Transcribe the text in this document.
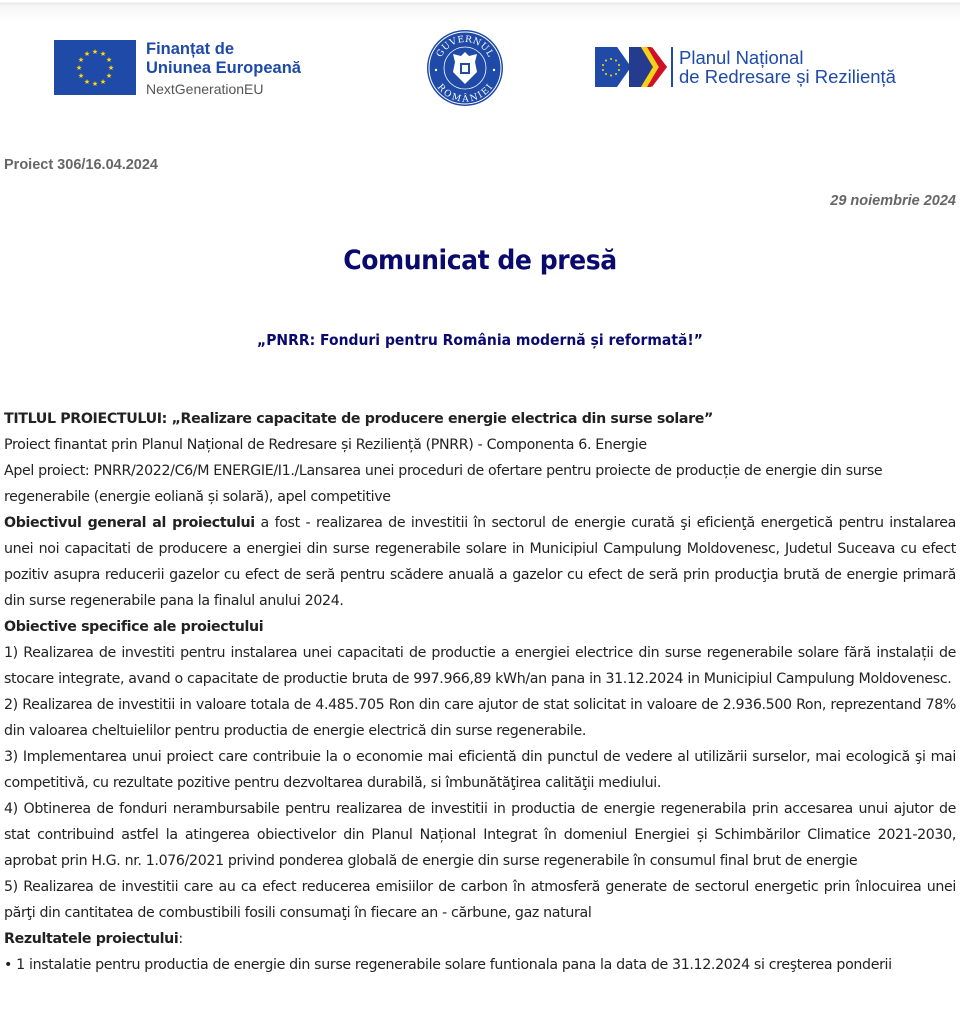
★ ★
★
★
★
★
★
★
★
★
★
★	Finanțat de
Uniunea Europeană
NextGenerationEU
GUVERNUL
ROMÂNIEI
Planul Național
de Redresare și Reziliență
Proiect 306/16.04.2024
29 noiembrie 2024
Comunicat de presă
„PNRR: Fonduri pentru România modernă și reformată!”

TITLUL PROIECTULUI: „Realizare capacitate de producere energie electrica din surse solare”

Proiect finantat prin Planul Național de Redresare și Reziliență (PNRR) - Componenta 6. Energie

Apel proiect: PNRR/2022/C6/M ENERGIE/I1./Lansarea unei proceduri de ofertare pentru proiecte de producție de energie din surse regenerabile (energie eoliană și solară), apel competitive

Obiectivul general al proiectului a fost - realizarea de investitii în sectorul de energie curată şi eficienţă energetică pentru instalarea unei noi capacitati de producere a energiei din surse regenerabile solare in Municipiul Campulung Moldovenesc, Judetul Suceava cu efect pozitiv asupra reducerii gazelor cu efect de seră pentru scădere anuală a gazelor cu efect de seră prin producţia brută de energie primară din surse regenerabile pana la finalul anului 2024.

Obiective specifice ale proiectului

1) Realizarea de investiti pentru instalarea unei capacitati de productie a energiei electrice din surse regenerabile solare fără instalații de stocare integrate, avand o capacitate de productie bruta de 997.966,89 kWh/an pana in 31.12.2024 in Municipiul Campulung Moldovenesc.

2) Realizarea de investitii in valoare totala de 4.485.705 Ron din care ajutor de stat solicitat in valoare de 2.936.500 Ron, reprezentand 78% din valoarea cheltuielilor pentru productia de energie electrică din surse regenerabile.

3) Implementarea unui proiect care contribuie la o economie mai eficientă din punctul de vedere al utilizării surselor, mai ecologică şi mai competitivă, cu rezultate pozitive pentru dezvoltarea durabilă, si îmbunătăţirea calităţii mediului.

4) Obtinerea de fonduri nerambursabile pentru realizarea de investitii in productia de energie regenerabila prin accesarea unui ajutor de stat contribuind astfel la atingerea obiectivelor din Planul Național Integrat în domeniul Energiei și Schimbărilor Climatice 2021-2030, aprobat prin H.G. nr. 1.076/2021 privind ponderea globală de energie din surse regenerabile în consumul final brut de energie

5) Realizarea de investitii care au ca efect reducerea emisiilor de carbon în atmosferă generate de sectorul energetic prin înlocuirea unei părţi din cantitatea de combustibili fosili consumaţi în fiecare an - cărbune, gaz natural

Rezultatele proiectului:

• 1 instalatie pentru productia de energie din surse regenerabile solare funtionala pana la data de 31.12.2024 si creşterea ponderii
